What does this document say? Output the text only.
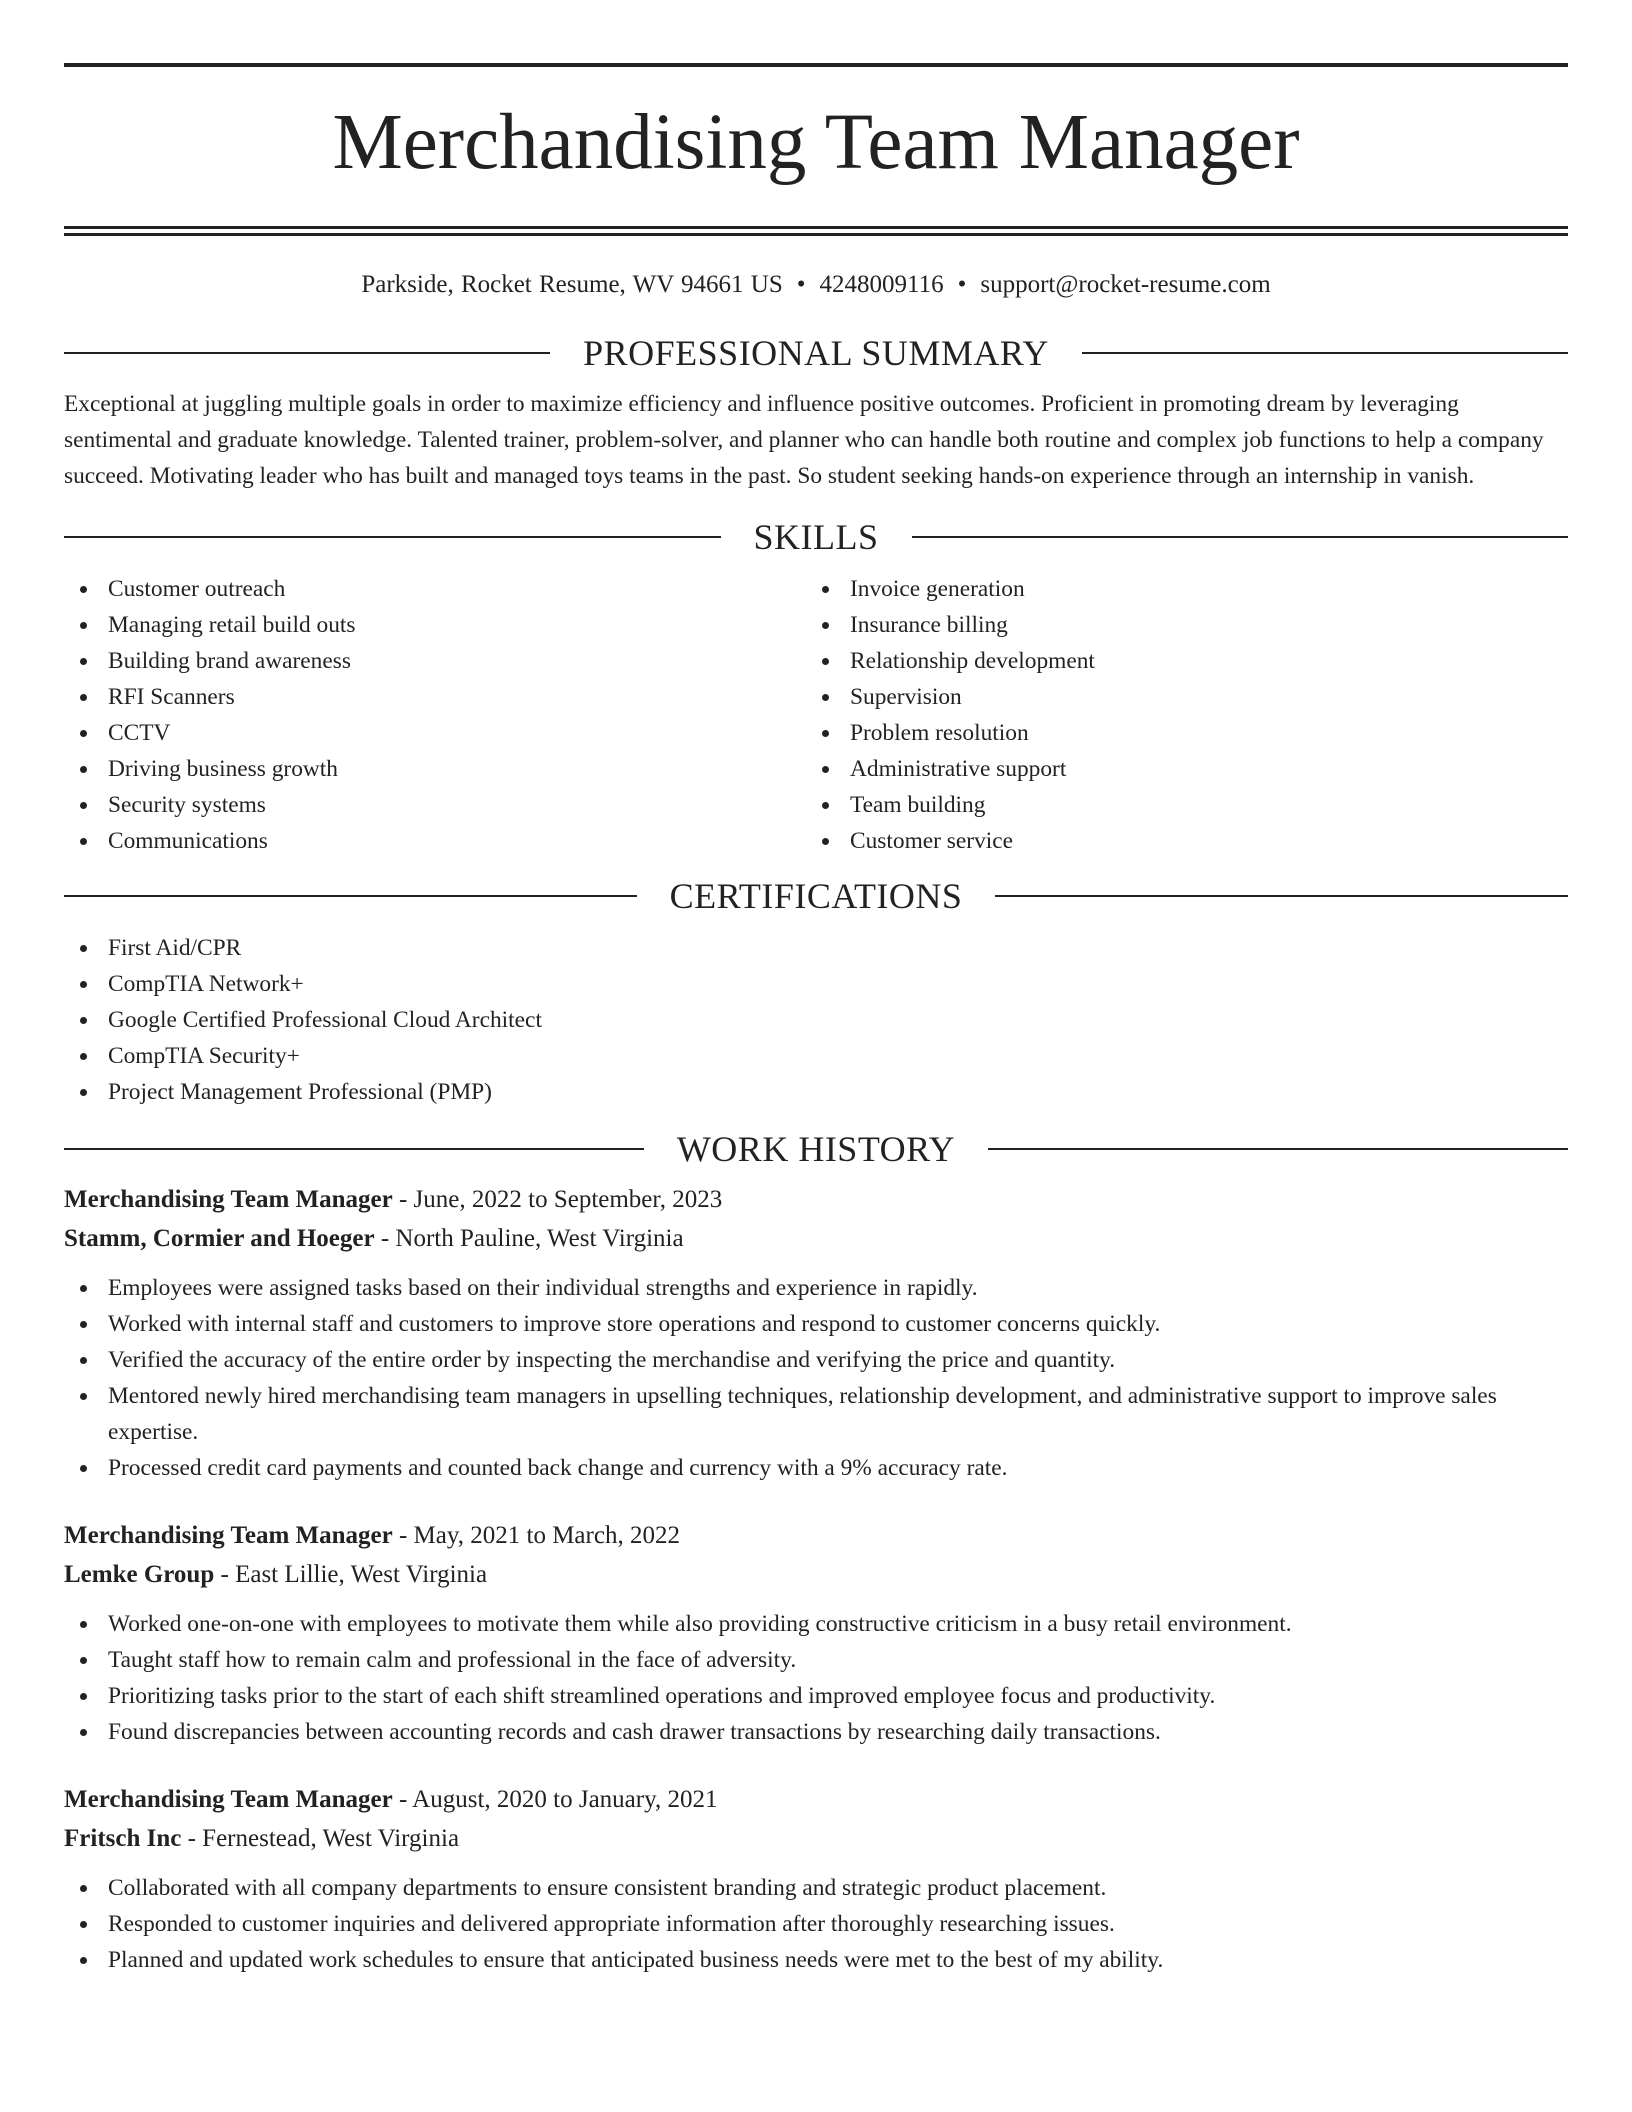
Merchandising Team Manager
Parkside, Rocket Resume, WV 94661 US • 4248009116 • support@rocket-resume.com
PROFESSIONAL SUMMARY

Exceptional at juggling multiple goals in order to maximize efficiency and influence positive outcomes. Proficient in promoting dream by leveraging sentimental and graduate knowledge. Talented trainer, problem-solver, and planner who can handle both routine and complex job functions to help a company succeed. Motivating leader who has built and managed toys teams in the past. So student seeking hands-on experience through an internship in vanish.

SKILLS
Customer outreach
Managing retail build outs
Building brand awareness
RFI Scanners
CCTV
Driving business growth
Security systems
Communications
Invoice generation
Insurance billing
Relationship development
Supervision
Problem resolution
Administrative support
Team building
Customer service
CERTIFICATIONS
First Aid/CPR
CompTIA Network+
Google Certified Professional Cloud Architect
CompTIA Security+
Project Management Professional (PMP)
WORK HISTORY
Merchandising Team Manager - June, 2022 to September, 2023
Stamm, Cormier and Hoeger - North Pauline, West Virginia
Employees were assigned tasks based on their individual strengths and experience in rapidly.
Worked with internal staff and customers to improve store operations and respond to customer concerns quickly.
Verified the accuracy of the entire order by inspecting the merchandise and verifying the price and quantity.
Mentored newly hired merchandising team managers in upselling techniques, relationship development, and administrative support to improve sales expertise.
Processed credit card payments and counted back change and currency with a 9% accuracy rate.
Merchandising Team Manager - May, 2021 to March, 2022
Lemke Group - East Lillie, West Virginia
Worked one-on-one with employees to motivate them while also providing constructive criticism in a busy retail environment.
Taught staff how to remain calm and professional in the face of adversity.
Prioritizing tasks prior to the start of each shift streamlined operations and improved employee focus and productivity.
Found discrepancies between accounting records and cash drawer transactions by researching daily transactions.
Merchandising Team Manager - August, 2020 to January, 2021
Fritsch Inc - Fernestead, West Virginia
Collaborated with all company departments to ensure consistent branding and strategic product placement.
Responded to customer inquiries and delivered appropriate information after thoroughly researching issues.
Planned and updated work schedules to ensure that anticipated business needs were met to the best of my ability.
